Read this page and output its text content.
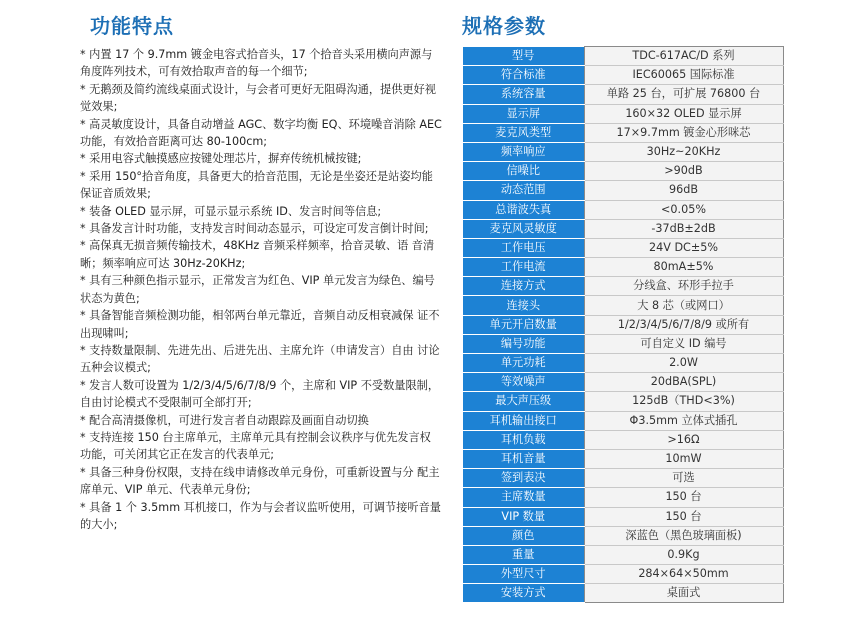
功能特点
* 内置 17 个 9.7mm 镀金电容式拾音头，17 个拾音头采用横向声源与角度阵列技术，可有效拾取声音的每一个细节;
* 无鹅颈及简约流线桌面式设计，与会者可更好无阻碍沟通，提供更好视觉效果;
* 高灵敏度设计，具备自动增益 AGC、数字均衡 EQ、环境噪音消除 AEC 功能，有效拾音距离可达 80-100cm;
* 采用电容式触摸感应按键处理芯片，摒弃传统机械按键;
* 采用 150°拾音角度，具备更大的拾音范围，无论是坐姿还是站姿均能保证音质效果;
* 装备 OLED 显示屏，可显示显示系统 ID、发言时间等信息;
* 具备发言计时功能，支持发言时间动态显示，可设定可发言倒计时间;
* 高保真无损音频传输技术，48KHz 音频采样频率，拾音灵敏、语 音清晰；频率响应可达 30Hz-20KHz;
* 具有三种颜色指示显示，正常发言为红色、VIP 单元发言为绿色、编号状态为黄色;
* 具备智能音频检测功能，相邻两台单元靠近，音频自动反相衰减保 证不出现啸叫;
* 支持数量限制、先进先出、后进先出、主席允许（申请发言）自由 讨论五种会议模式;
* 发言人数可设置为 1/2/3/4/5/6/7/8/9 个，主席和 VIP 不受数量限制，自由讨论模式不受限制可全部打开;
* 配合高清摄像机，可进行发言者自动跟踪及画面自动切换
* 支持连接 150 台主席单元，主席单元具有控制会议秩序与优先发言权功能，可关闭其它正在发言的代表单元;
* 具备三种身份权限，支持在线申请修改单元身份，可重新设置与分 配主席单元、VIP 单元、代表单元身份;
* 具备 1 个 3.5mm 耳机接口，作为与会者议监听使用，可调节接听音量的大小;
规格参数
型号	TDC-617AC/D 系列
符合标准	IEC60065 国际标准
系统容量	单路 25 台，可扩展 76800 台
显示屏	160×32 OLED 显示屏
麦克风类型	17×9.7mm 镀金心形咪芯
频率响应	30Hz~20KHz
信噪比	>90dB
动态范围	96dB
总谐波失真	<0.05%
麦克风灵敏度	-37dB±2dB
工作电压	24V DC±5%
工作电流	80mA±5%
连接方式	分线盒、环形手拉手
连接头	大 8 芯（或网口）
单元开启数量	1/2/3/4/5/6/7/8/9 或所有
编号功能	可自定义 ID 编号
单元功耗	2.0W
等效噪声	20dBA(SPL)
最大声压级	125dB（THD<3%)
耳机输出接口	Φ3.5mm 立体式插孔
耳机负载	>16Ω
耳机音量	10mW
签到表决	可选
主席数量	150 台
VIP 数量	150 台
颜色	深蓝色（黑色玻璃面板)
重量	0.9Kg
外型尺寸	284×64×50mm
安装方式	桌面式
